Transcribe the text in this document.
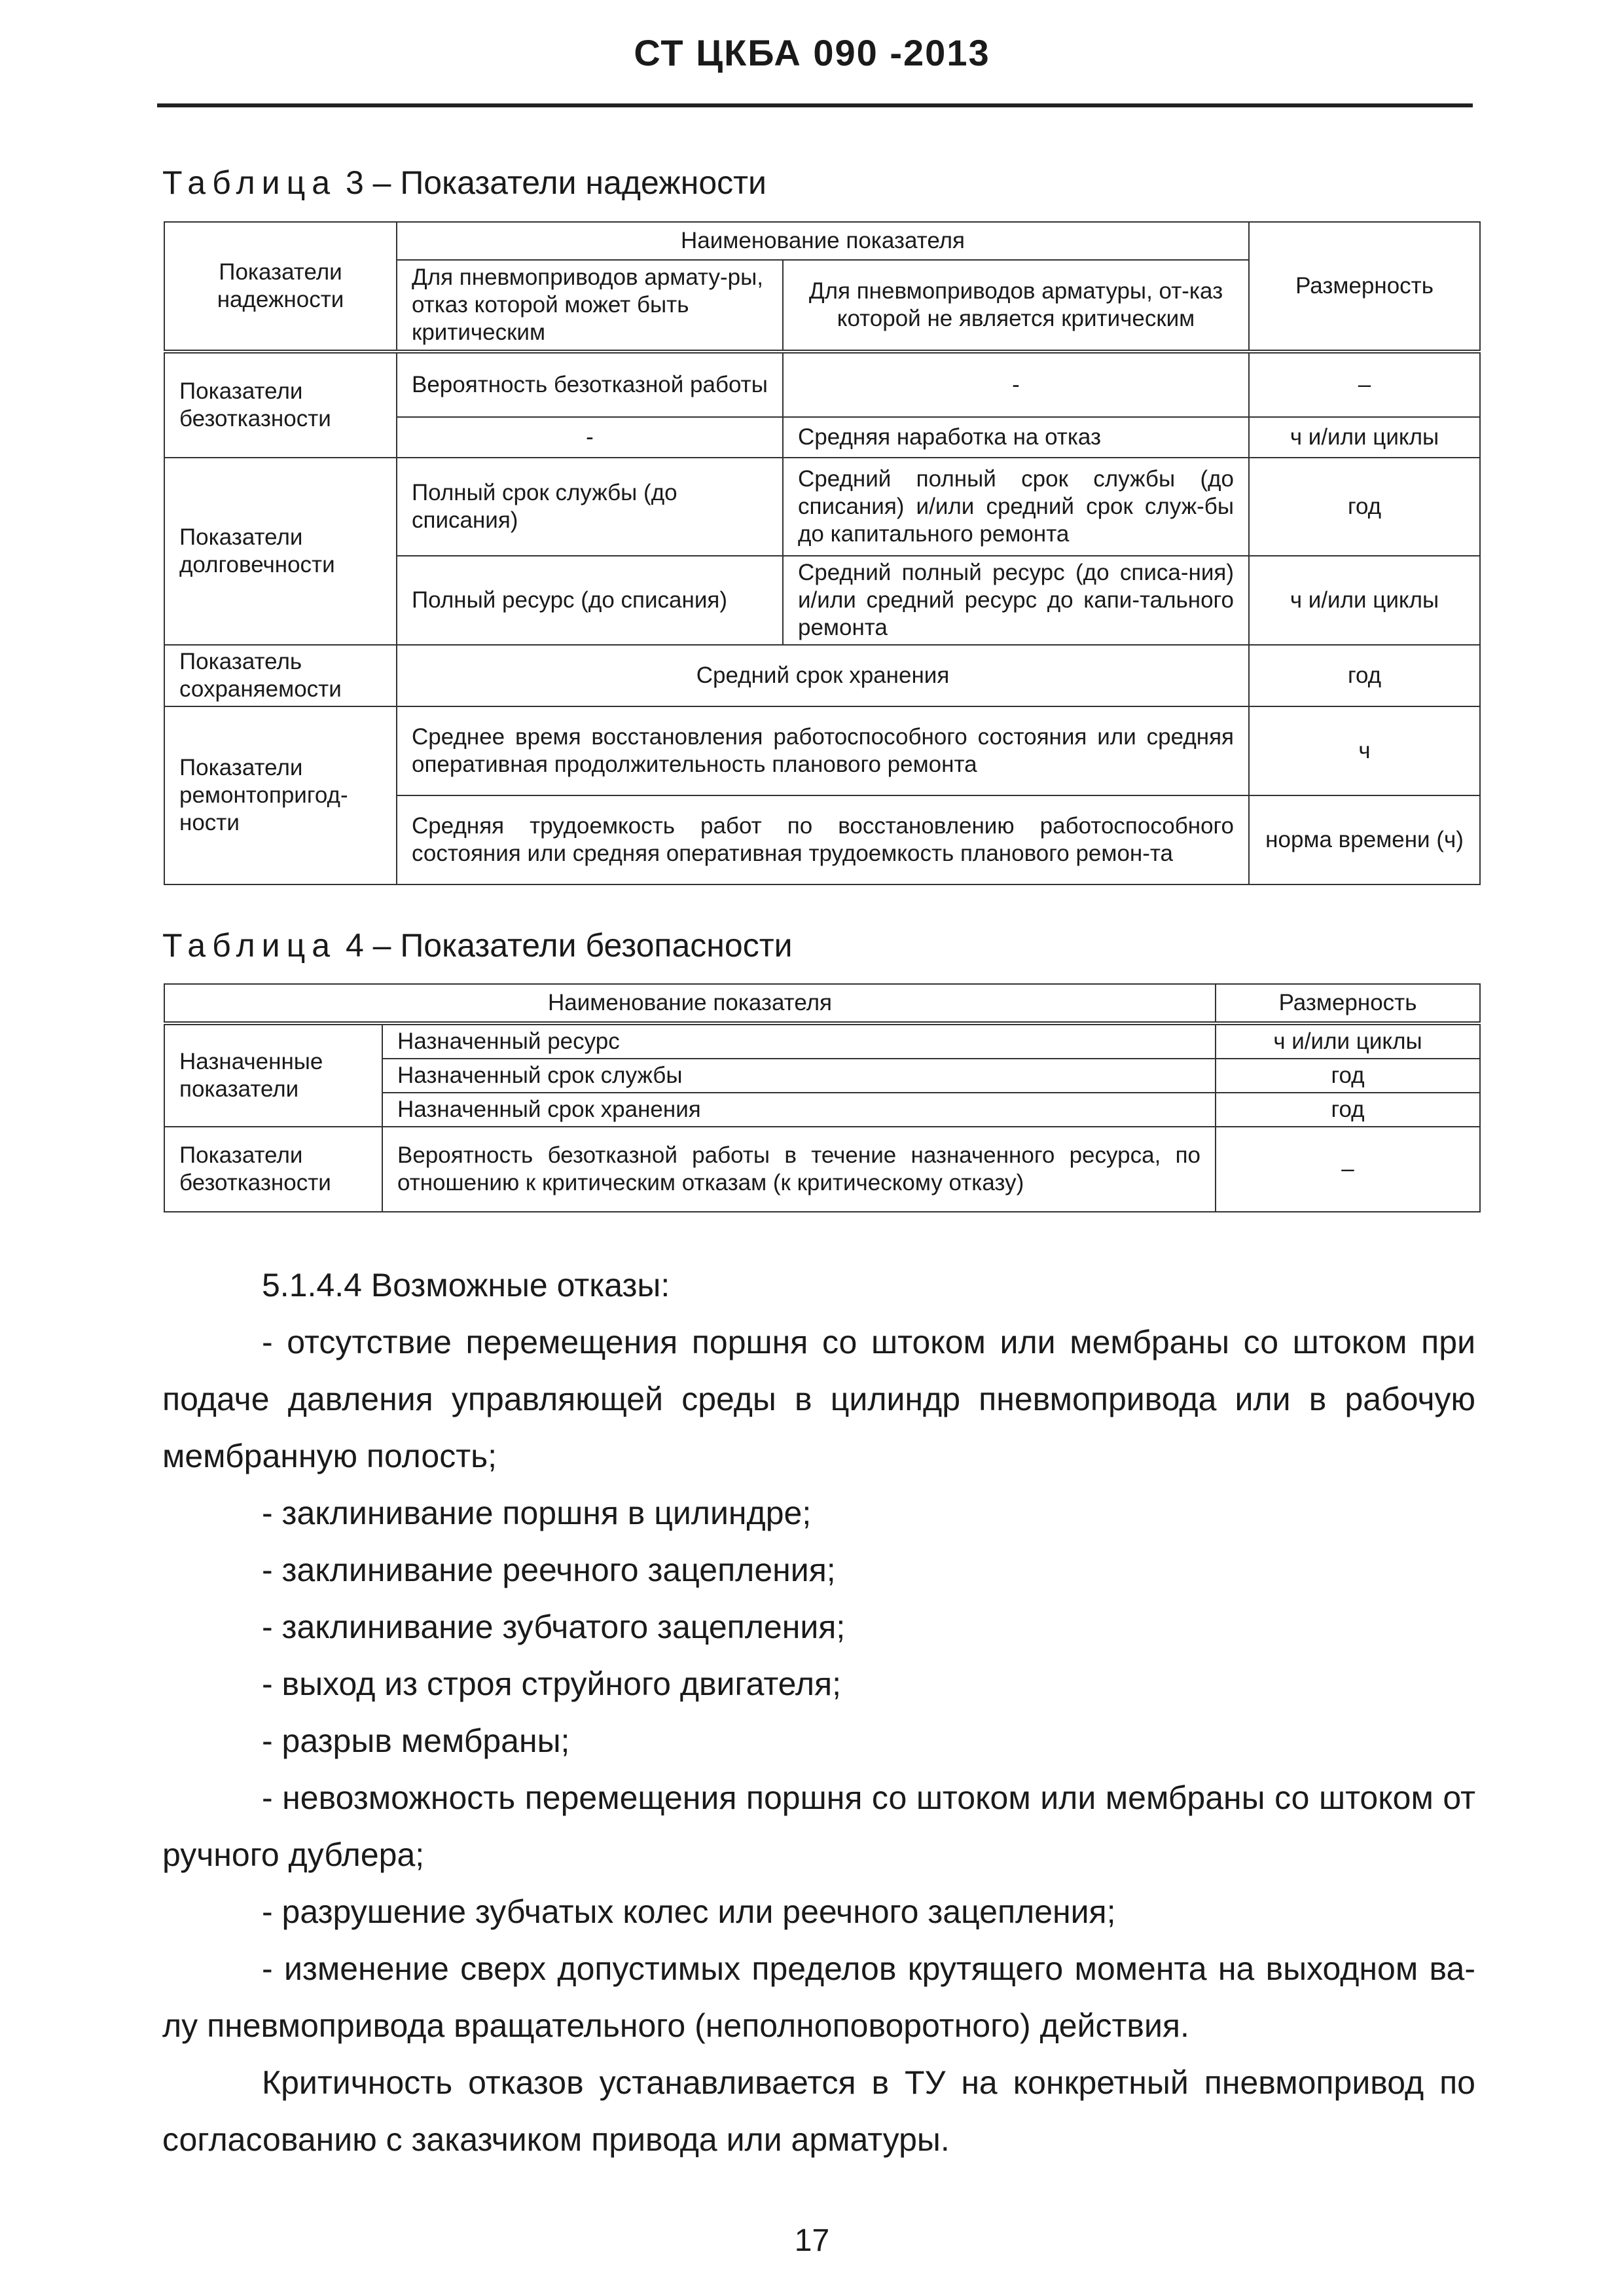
СТ ЦКБА 090 -2013
Таблица 3 – Показатели надежности
Показатели надежности	Наименование показателя		Размерность
	Для пневмоприводов армату-ры, отказ которой может быть критическим	Для пневмоприводов арматуры, от-каз которой не является критическим	
Показатели безотказности	Вероятность безотказной работы	-	–
	-	Средняя наработка на отказ	ч и/или циклы
Показатели долговечности	Полный срок службы (до списания)	Средний полный срок службы (до списания) и/или средний срок служ-бы до капитального ремонта	год
	Полный ресурс (до списания)	Средний полный ресурс (до списа-ния) и/или средний ресурс до капи-тального ремонта	ч и/или циклы
Показатель сохраняемости	Средний срок хранения		год
Показатели ремонтопригод-ности	Среднее время восстановления работоспособного состояния или средняя оперативная продолжительность планового ремонта		ч
	Средняя трудоемкость работ по восстановлению работоспособного состояния или средняя оперативная трудоемкость планового ремон-та		норма времени (ч)
Таблица 4 – Показатели безопасности
Наименование показателя		Размерность
Назначенные показатели	Назначенный ресурс	ч и/или циклы
	Назначенный срок службы	год
	Назначенный срок хранения	год
Показатели безотказности	Вероятность безотказной работы в течение назначенного ресурса, по отношению к критическим отказам (к критическому отказу)	–

5.1.4.4 Возможные отказы:

- отсутствие перемещения поршня со штоком или мембраны со штоком при подаче давления управляющей среды в цилиндр пневмопривода или в рабочую мембранную полость;

- заклинивание поршня в цилиндре;

- заклинивание реечного зацепления;

- заклинивание зубчатого зацепления;

- выход из строя струйного двигателя;

- разрыв мембраны;

- невозможность перемещения поршня со штоком или мембраны со штоком от ручного дублера;

- разрушение зубчатых колес или реечного зацепления;

- изменение сверх допустимых пределов крутящего момента на выходном ва-лу пневмопривода вращательного (неполноповоротного) действия.

Критичность отказов устанавливается в ТУ на конкретный пневмопривод по согласованию с заказчиком привода или арматуры.

17
